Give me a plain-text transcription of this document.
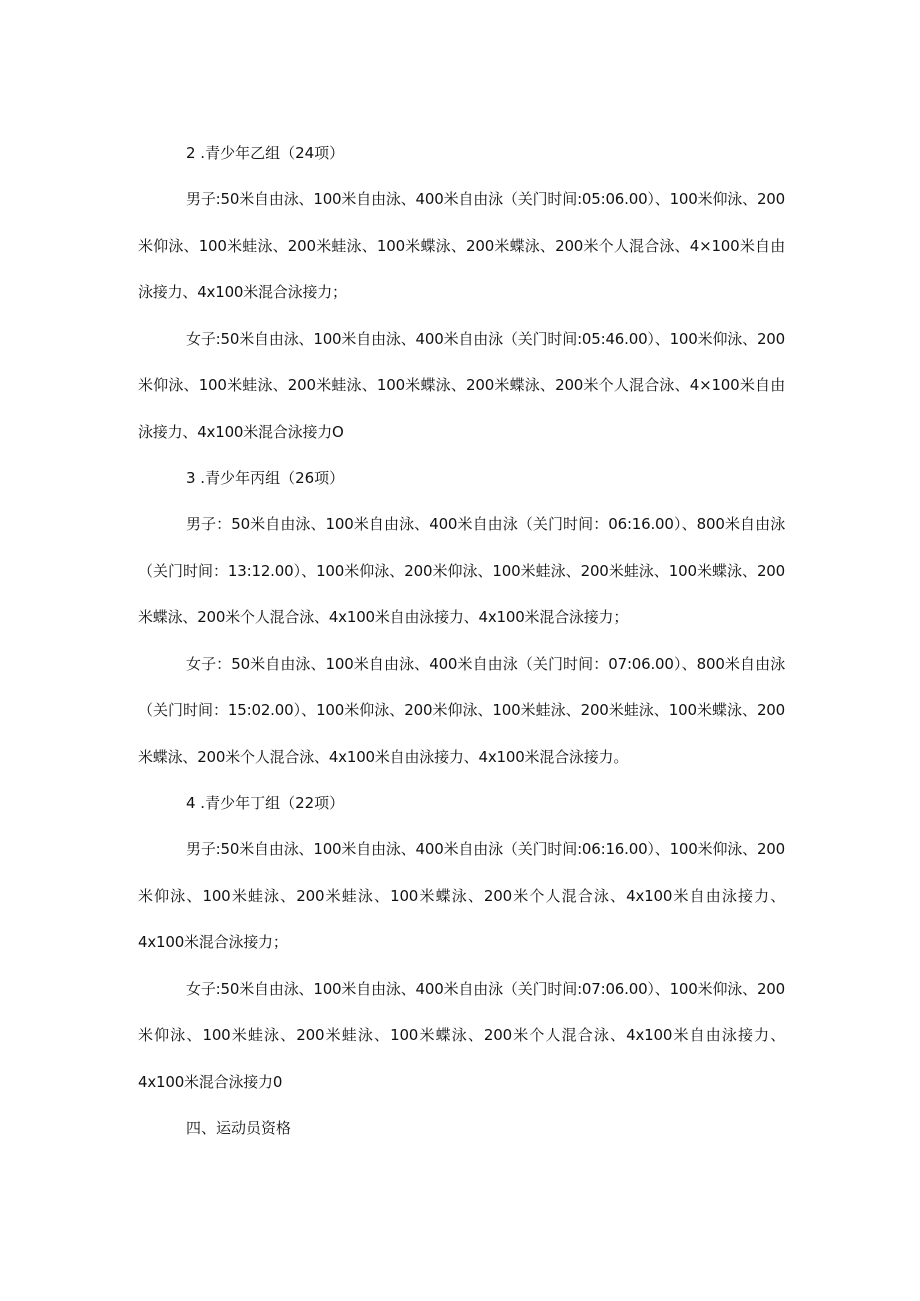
2 .青少年乙组（24项）

男子:50米自由泳、100米自由泳、400米自由泳（关门时间:05:06.00）、100米仰泳、200米仰泳、100米蛙泳、200米蛙泳、100米蝶泳、200米蝶泳、200米个人混合泳、4×100米自由泳接力、4x100米混合泳接力；

女子:50米自由泳、100米自由泳、400米自由泳（关门时间:05:46.00）、100米仰泳、200米仰泳、100米蛙泳、200米蛙泳、100米蝶泳、200米蝶泳、200米个人混合泳、4×100米自由泳接力、4x100米混合泳接力O

3 .青少年丙组（26项）

男子：50米自由泳、100米自由泳、400米自由泳（关门时间：06:16.00）、800米自由泳（关门时间：13:12.00）、100米仰泳、200米仰泳、100米蛙泳、200米蛙泳、100米蝶泳、200米蝶泳、200米个人混合泳、4x100米自由泳接力、4x100米混合泳接力；

女子：50米自由泳、100米自由泳、400米自由泳（关门时间：07:06.00）、800米自由泳（关门时间：15:02.00）、100米仰泳、200米仰泳、100米蛙泳、200米蛙泳、100米蝶泳、200米蝶泳、200米个人混合泳、4x100米自由泳接力、4x100米混合泳接力。

4 .青少年丁组（22项）

男子:50米自由泳、100米自由泳、400米自由泳（关门时间:06:16.00）、100米仰泳、200米仰泳、100米蛙泳、200米蛙泳、100米蝶泳、200米个人混合泳、4x100米自由泳接力、4x100米混合泳接力；

女子:50米自由泳、100米自由泳、400米自由泳（关门时间:07:06.00）、100米仰泳、200米仰泳、100米蛙泳、200米蛙泳、100米蝶泳、200米个人混合泳、4x100米自由泳接力、4x100米混合泳接力0

四、运动员资格
